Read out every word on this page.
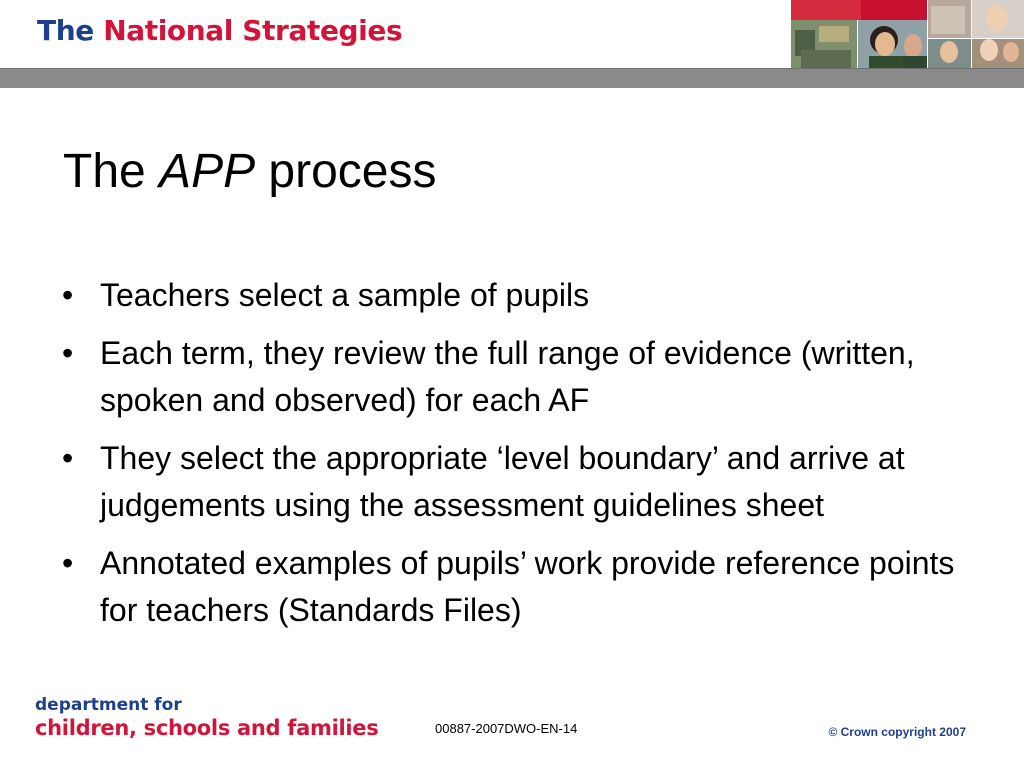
The National Strategies
The APP process
• Teachers select a sample of pupils
• Each term, they review the full range of evidence (written, spoken and observed) for each AF
• They select the appropriate ‘level boundary’ and arrive at judgements using the assessment guidelines sheet
• Annotated examples of pupils’ work provide reference points for teachers (Standards Files)
department for
children, schools and families	00887-2007DWO-EN-14	© Crown copyright 2007
